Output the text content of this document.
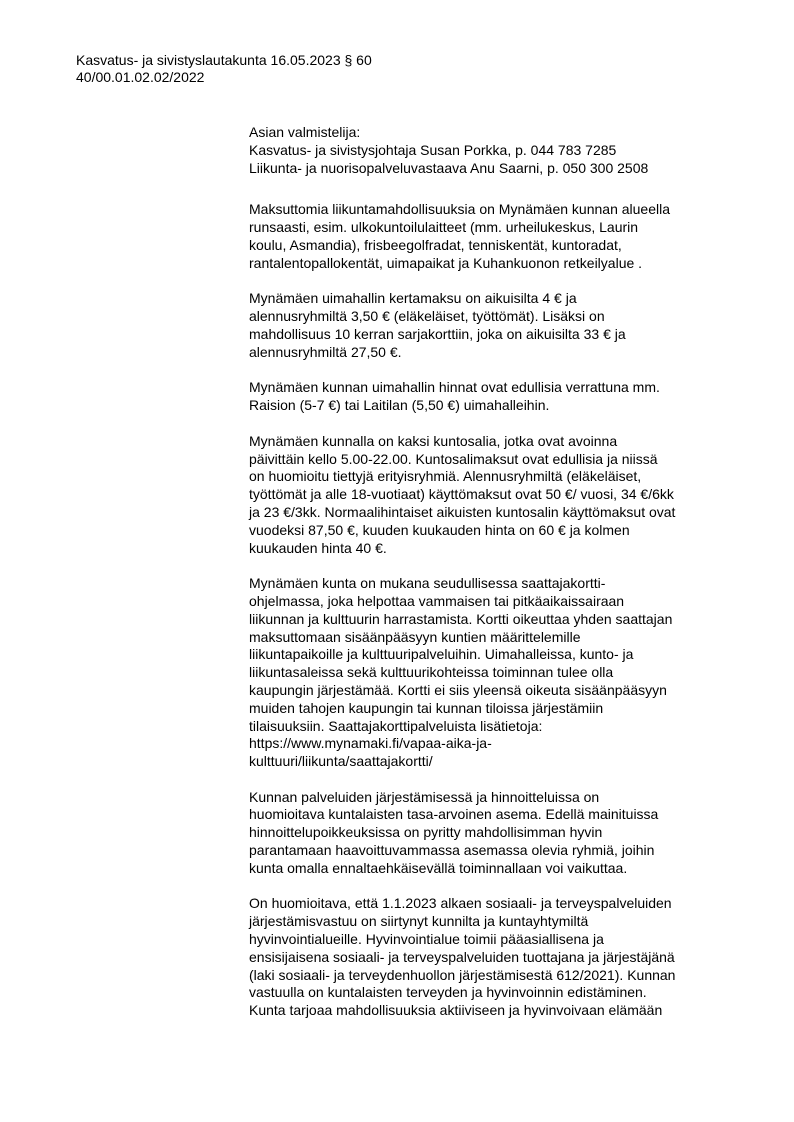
Kasvatus- ja sivistyslautakunta 16.05.2023 § 60
40/00.01.02.02/2022
Asian valmistelija:
Kasvatus- ja sivistysjohtaja Susan Porkka, p. 044 783 7285
Liikunta- ja nuorisopalveluvastaava Anu Saarni, p. 050 300 2508
Maksuttomia liikuntamahdollisuuksia on Mynämäen kunnan alueella
runsaasti, esim. ulkokuntoilulaitteet (mm. urheilukeskus, Laurin
koulu, Asmandia), frisbeegolfradat, tenniskentät, kuntoradat,
rantalentopallokentät, uimapaikat ja Kuhankuonon retkeilyalue .
Mynämäen uimahallin kertamaksu on aikuisilta 4 € ja
alennusryhmiltä 3,50 € (eläkeläiset, työttömät). Lisäksi on
mahdollisuus 10 kerran sarjakorttiin, joka on aikuisilta 33 € ja
alennusryhmiltä 27,50 €.
Mynämäen kunnan uimahallin hinnat ovat edullisia verrattuna mm.
Raision (5-7 €) tai Laitilan (5,50 €) uimahalleihin.
Mynämäen kunnalla on kaksi kuntosalia, jotka ovat avoinna
päivittäin kello 5.00-22.00. Kuntosalimaksut ovat edullisia ja niissä
on huomioitu tiettyjä erityisryhmiä. Alennusryhmiltä (eläkeläiset,
työttömät ja alle 18-vuotiaat) käyttömaksut ovat 50 €/ vuosi, 34 €/6kk
ja 23 €/3kk. Normaalihintaiset aikuisten kuntosalin käyttömaksut ovat
vuodeksi 87,50 €, kuuden kuukauden hinta on 60 € ja kolmen
kuukauden hinta 40 €.
Mynämäen kunta on mukana seudullisessa saattajakortti-
ohjelmassa, joka helpottaa vammaisen tai pitkäaikaissairaan
liikunnan ja kulttuurin harrastamista. Kortti oikeuttaa yhden saattajan
maksuttomaan sisäänpääsyyn kuntien määrittelemille
liikuntapaikoille ja kulttuuripalveluihin. Uimahalleissa, kunto- ja
liikuntasaleissa sekä kulttuurikohteissa toiminnan tulee olla
kaupungin järjestämää. Kortti ei siis yleensä oikeuta sisäänpääsyyn
muiden tahojen kaupungin tai kunnan tiloissa järjestämiin
tilaisuuksiin. Saattajakorttipalveluista lisätietoja:
https://www.mynamaki.fi/vapaa-aika-ja-
kulttuuri/liikunta/saattajakortti/
Kunnan palveluiden järjestämisessä ja hinnoitteluissa on
huomioitava kuntalaisten tasa-arvoinen asema. Edellä mainituissa
hinnoittelupoikkeuksissa on pyritty mahdollisimman hyvin
parantamaan haavoittuvammassa asemassa olevia ryhmiä, joihin
kunta omalla ennaltaehkäisevällä toiminnallaan voi vaikuttaa.
On huomioitava, että 1.1.2023 alkaen sosiaali- ja terveyspalveluiden
järjestämisvastuu on siirtynyt kunnilta ja kuntayhtymiltä
hyvinvointialueille. Hyvinvointialue toimii pääasiallisena ja
ensisijaisena sosiaali- ja terveyspalveluiden tuottajana ja järjestäjänä
(laki sosiaali- ja terveydenhuollon järjestämisestä 612/2021). Kunnan
vastuulla on kuntalaisten terveyden ja hyvinvoinnin edistäminen.
Kunta tarjoaa mahdollisuuksia aktiiviseen ja hyvinvoivaan elämään
